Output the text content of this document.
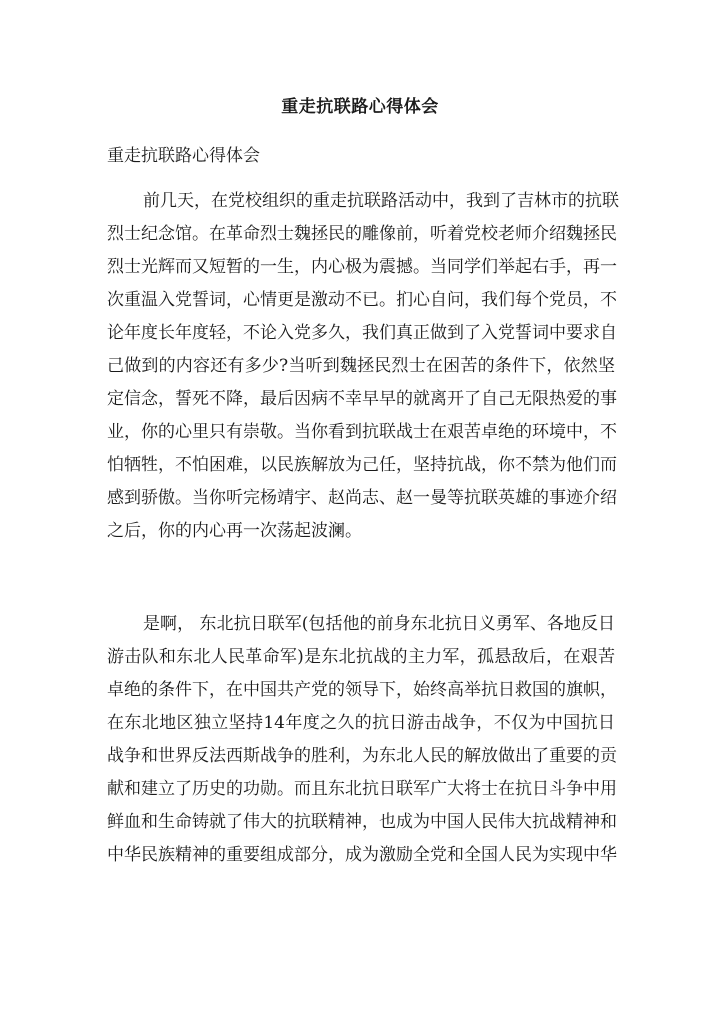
重走抗联路心得体会
重走抗联路心得体会
前几天，在党校组织的重走抗联路活动中，我到了吉林市的抗联
烈士纪念馆。在革命烈士魏拯民的雕像前，听着党校老师介绍魏拯民
烈士光辉而又短暂的一生，内心极为震撼。当同学们举起右手，再一
次重温入党誓词，心情更是激动不已。扪心自问，我们每个党员，不
论年度长年度轻，不论入党多久，我们真正做到了入党誓词中要求自
己做到的内容还有多少?当听到魏拯民烈士在困苦的条件下，依然坚
定信念，誓死不降，最后因病不幸早早的就离开了自己无限热爱的事
业，你的心里只有崇敬。当你看到抗联战士在艰苦卓绝的环境中，不
怕牺牲，不怕困难，以民族解放为己任，坚持抗战，你不禁为他们而
感到骄傲。当你听完杨靖宇、赵尚志、赵一曼等抗联英雄的事迹介绍
之后，你的内心再一次荡起波澜。
是啊， 东北抗日联军(包括他的前身东北抗日义勇军、各地反日
游击队和东北人民革命军)是东北抗战的主力军，孤悬敌后，在艰苦
卓绝的条件下，在中国共产党的领导下，始终高举抗日救国的旗帜，
在东北地区独立坚持14年度之久的抗日游击战争，不仅为中国抗日
战争和世界反法西斯战争的胜利，为东北人民的解放做出了重要的贡
献和建立了历史的功勋。而且东北抗日联军广大将士在抗日斗争中用
鲜血和生命铸就了伟大的抗联精神，也成为中国人民伟大抗战精神和
中华民族精神的重要组成部分，成为激励全党和全国人民为实现中华
